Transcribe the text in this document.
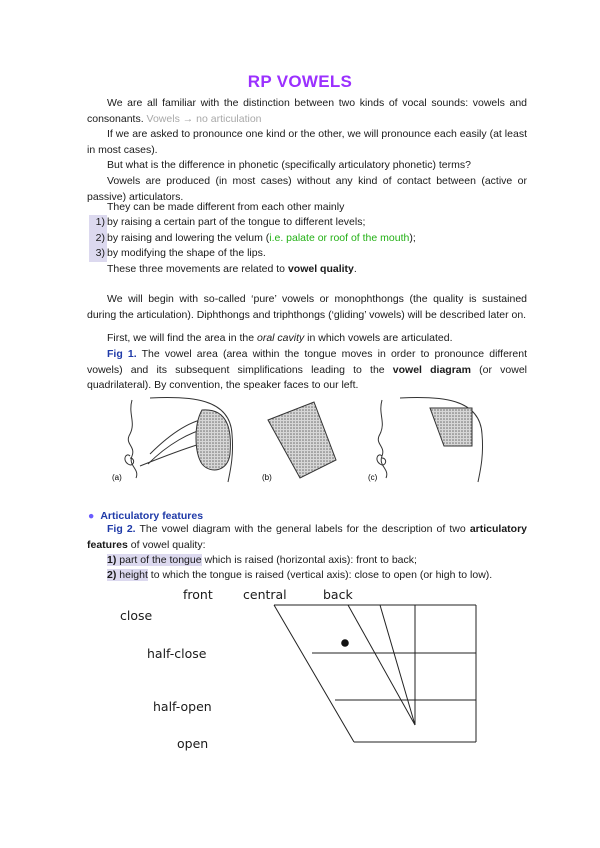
RP VOWELS
We are all familiar with the distinction between two kinds of vocal sounds: vowels and consonants. Vowels → no articulation
If we are asked to pronounce one kind or the other, we will pronounce each easily (at least in most cases).
But what is the difference in phonetic (specifically articulatory phonetic) terms?
Vowels are produced (in most cases) without any kind of contact between (active or passive) articulators.
They can be made different from each other mainly
1) by raising a certain part of the tongue to different levels;
2) by raising and lowering the velum (i.e. palate or roof of the mouth);
3) by modifying the shape of the lips.
These three movements are related to vowel quality.
We will begin with so-called ‘pure’ vowels or monophthongs (the quality is sustained during the articulation). Diphthongs and triphthongs (‘gliding’ vowels) will be described later on.
First, we will find the area in the oral cavity in which vowels are articulated.
Fig 1. The vowel area (area within the tongue moves in order to pronounce different vowels) and its subsequent simplifications leading to the vowel diagram (or vowel quadrilateral). By convention, the speaker faces to our left.
(a)	(b)	(c)
● Articulatory features
Fig 2. The vowel diagram with the general labels for the description of two articulatory features of vowel quality:
1) part of the tongue which is raised (horizontal axis): front to back;
2) height to which the tongue is raised (vertical axis): close to open (or high to low).
front central	back
close
half-close
half-open
open
